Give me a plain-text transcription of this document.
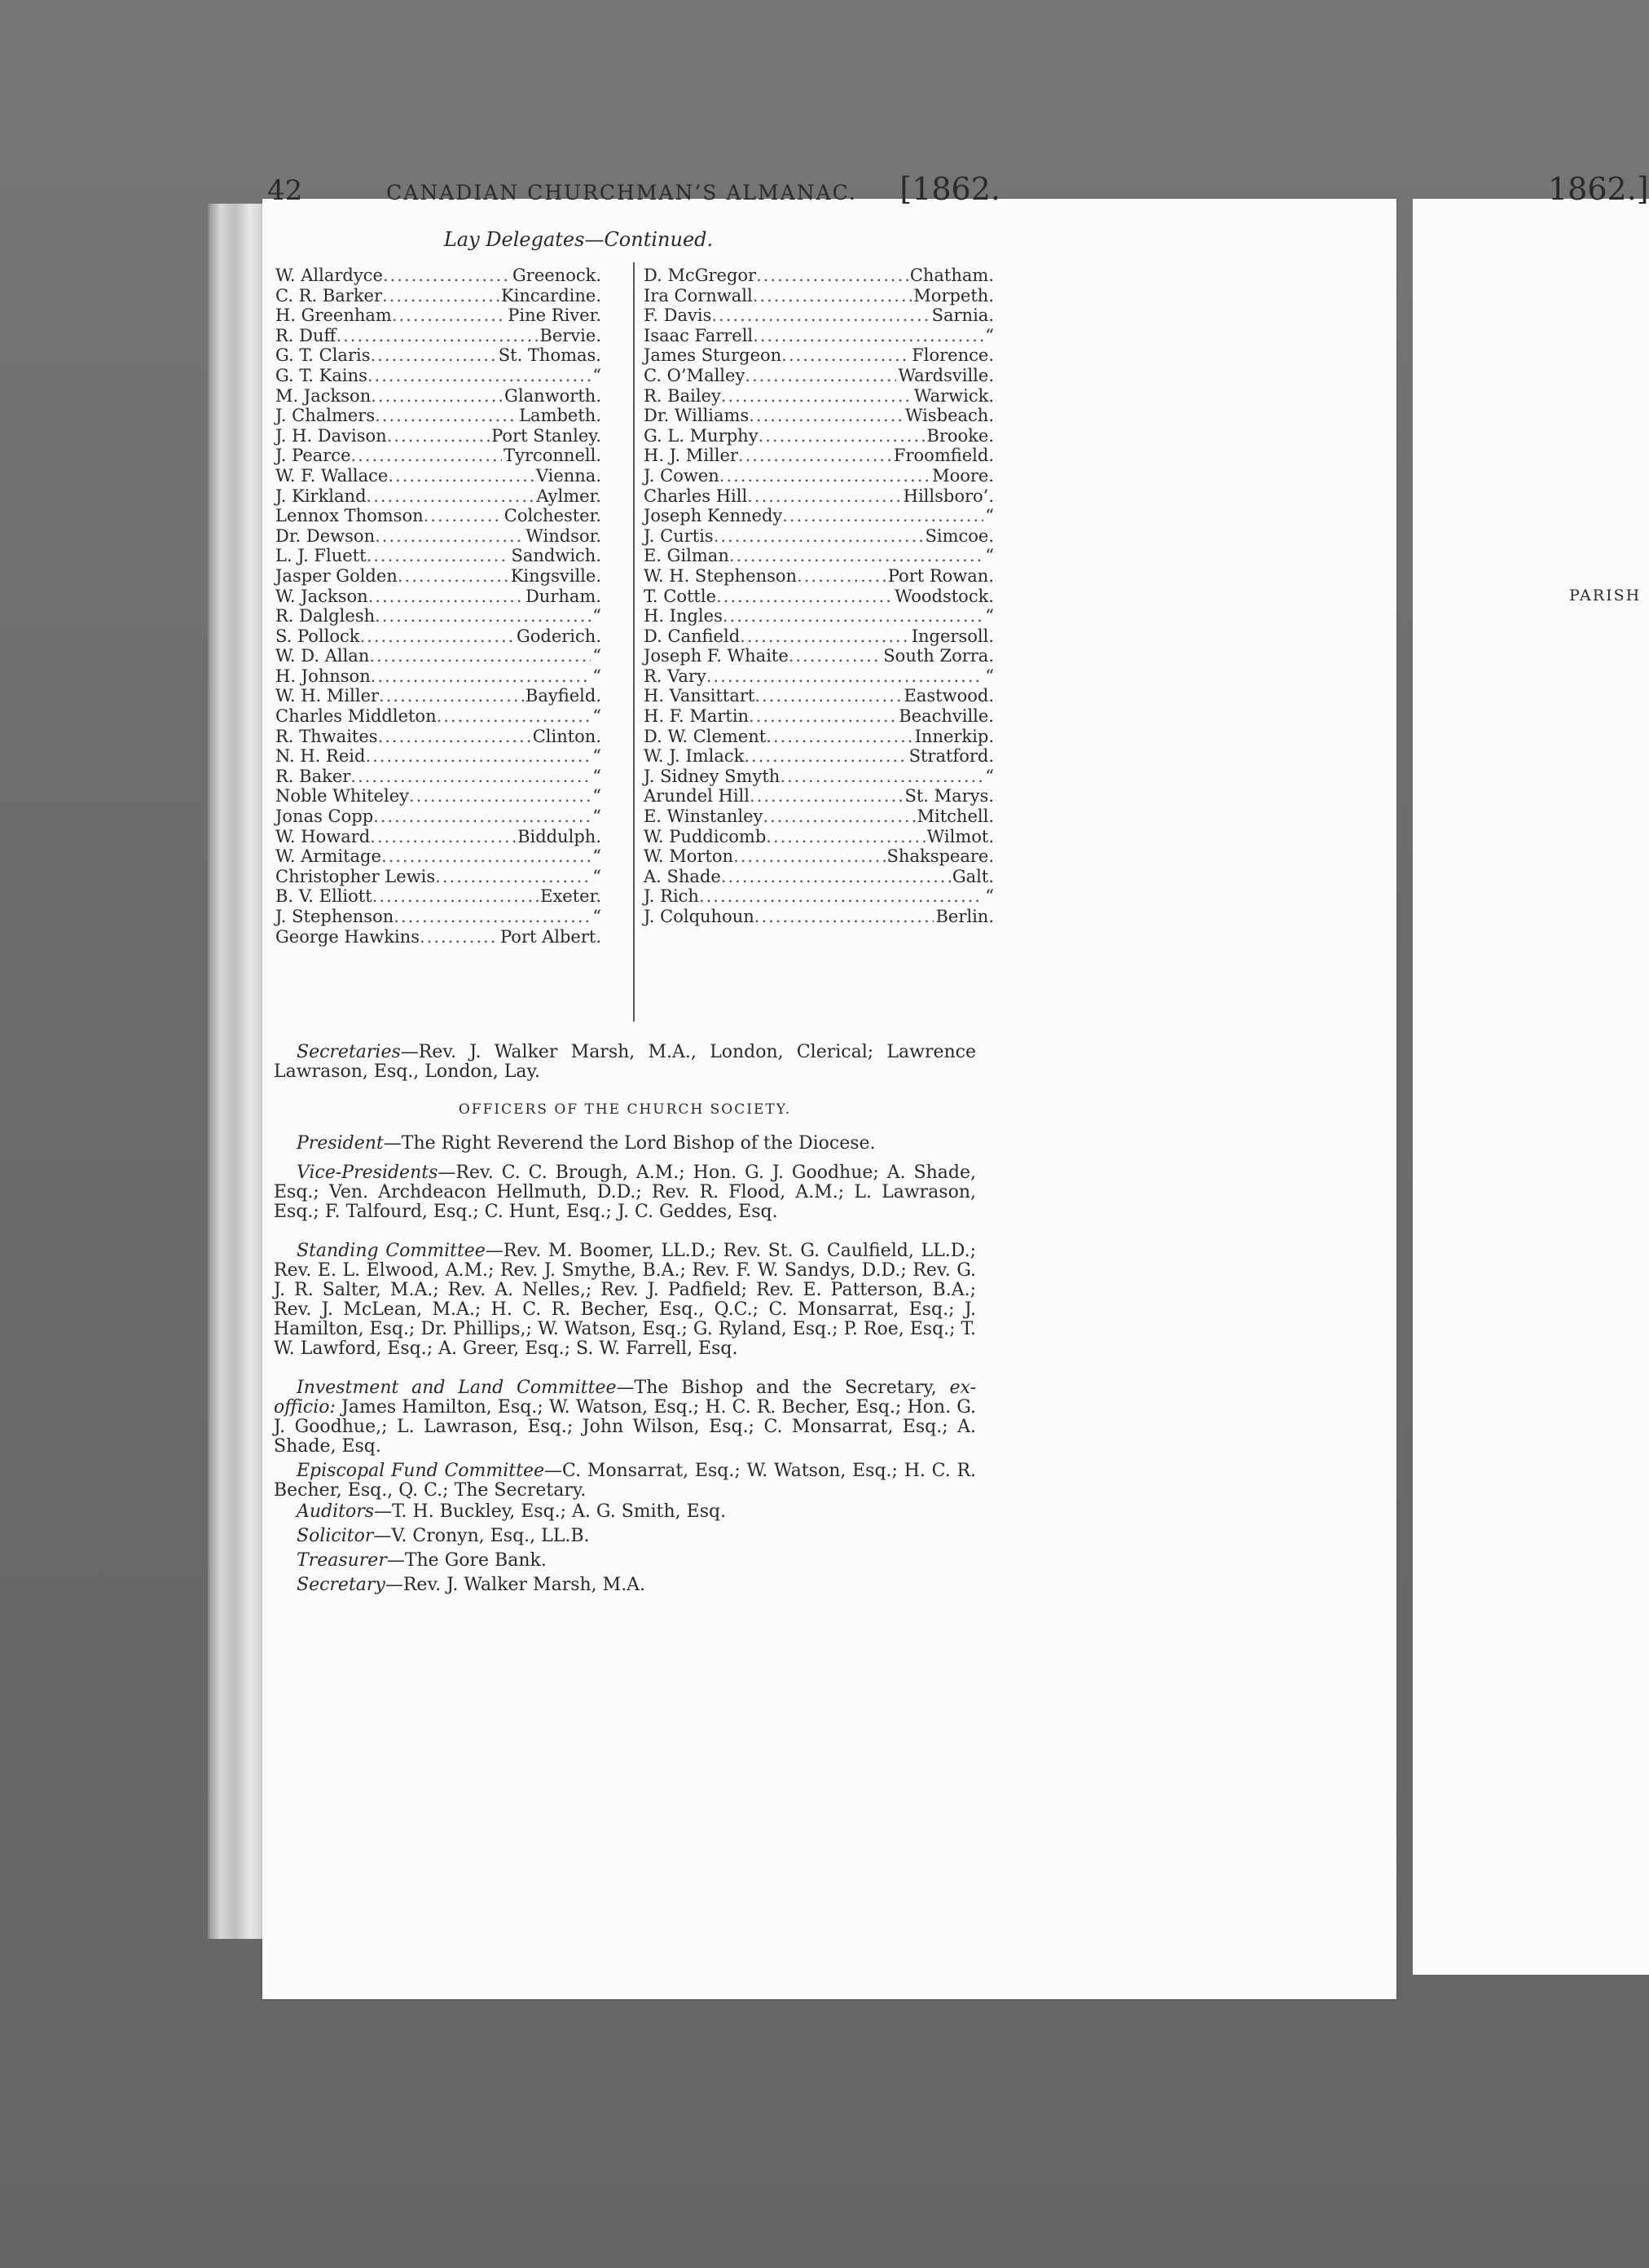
42	CANADIAN CHURCHMAN’S ALMANAC.	[1862.
Lay Delegates—Continued.
W. Allardyce .....	Greenock.
C. R. Barker .....	Kincardine.
H. Greenham .....	Pine River.
R. Duff .....	Bervie.
G. T. Claris .....	St. Thomas.
G. T. Kains .....	“
M. Jackson .....	Glanworth.
J. Chalmers .....	Lambeth.
J. H. Davison .....	Port Stanley.
J. Pearce .....	Tyrconnell.
W. F. Wallace .....	Vienna.
J. Kirkland .....	Aylmer.
Lennox Thomson .....	Colchester.
Dr. Dewson .....	Windsor.
L. J. Fluett .....	Sandwich.
Jasper Golden .....	Kingsville.
W. Jackson .....	Durham.
R. Dalglesh .....	“
S. Pollock .....	Goderich.
W. D. Allan .....	“
H. Johnson .....	“
W. H. Miller .....	Bayfield.
Charles Middleton .....	“
R. Thwaites .....	Clinton.
N. H. Reid .....	“
R. Baker .....	“
Noble Whiteley .....	“
Jonas Copp .....	“
W. Howard .....	Biddulph.
W. Armitage .....	“
Christopher Lewis .....	“
B. V. Elliott .....	Exeter.
J. Stephenson .....	“
George Hawkins .....	Port Albert.
D. McGregor .....	Chatham.
Ira Cornwall .....	Morpeth.
F. Davis .....	Sarnia.
Isaac Farrell .....	“
James Sturgeon .....	Florence.
C. O’Malley .....	Wardsville.
R. Bailey .....	Warwick.
Dr. Williams .....	Wisbeach.
G. L. Murphy .....	Brooke.
H. J. Miller .....	Froomfield.
J. Cowen .....	Moore.
Charles Hill .....	Hillsboro’.
Joseph Kennedy .....	“
J. Curtis .....	Simcoe.
E. Gilman .....	“
W. H. Stephenson .....	Port Rowan.
T. Cottle .....	Woodstock.
H. Ingles .....	“
D. Canfield .....	Ingersoll.
Joseph F. Whaite .....	South Zorra.
R. Vary .....	“
H. Vansittart .....	Eastwood.
H. F. Martin .....	Beachville.
D. W. Clement .....	Innerkip.
W. J. Imlack .....	Stratford.
J. Sidney Smyth .....	“
Arundel Hill .....	St. Marys.
E. Winstanley .....	Mitchell.
W. Puddicomb .....	Wilmot.
W. Morton .....	Shakspeare.
A. Shade .....	Galt.
J. Rich .....	“
J. Colquhoun .....	Berlin.
Secretaries—Rev. J. Walker Marsh, M.A., London, Clerical; Lawrence Lawrason, Esq., London, Lay.
OFFICERS OF THE CHURCH SOCIETY.
President—The Right Reverend the Lord Bishop of the Diocese.
Vice-Presidents—Rev. C. C. Brough, A.M.; Hon. G. J. Goodhue; A. Shade, Esq.; Ven. Archdeacon Hellmuth, D.D.; Rev. R. Flood, A.M.; L. Lawrason, Esq.; F. Talfourd, Esq.; C. Hunt, Esq.; J. C. Geddes, Esq.
Standing Committee—Rev. M. Boomer, LL.D.; Rev. St. G. Caulfield, LL.D.; Rev. E. L. Elwood, A.M.; Rev. J. Smythe, B.A.; Rev. F. W. Sandys, D.D.; Rev. G. J. R. Salter, M.A.; Rev. A. Nelles,; Rev. J. Padfield; Rev. E. Patterson, B.A.; Rev. J. McLean, M.A.; H. C. R. Becher, Esq., Q.C.; C. Monsarrat, Esq.; J. Hamilton, Esq.; Dr. Phillips,; W. Watson, Esq.; G. Ryland, Esq.; P. Roe, Esq.; T. W. Lawford, Esq.; A. Greer, Esq.; S. W. Farrell, Esq.
Investment and Land Committee—The Bishop and the Secretary, ex-officio: James Hamilton, Esq.; W. Watson, Esq.; H. C. R. Becher, Esq.; Hon. G. J. Goodhue,; L. Lawrason, Esq.; John Wilson, Esq.; C. Monsarrat, Esq.; A. Shade, Esq.
Episcopal Fund Committee—C. Monsarrat, Esq.; W. Watson, Esq.; H. C. R. Becher, Esq., Q. C.; The Secretary.
Auditors—T. H. Buckley, Esq.; A. G. Smith, Esq.
Solicitor—V. Cronyn, Esq., LL.B.
Treasurer—The Gore Bank.
Secretary—Rev. J. Walker Marsh, M.A.
1862.]
PARISH
